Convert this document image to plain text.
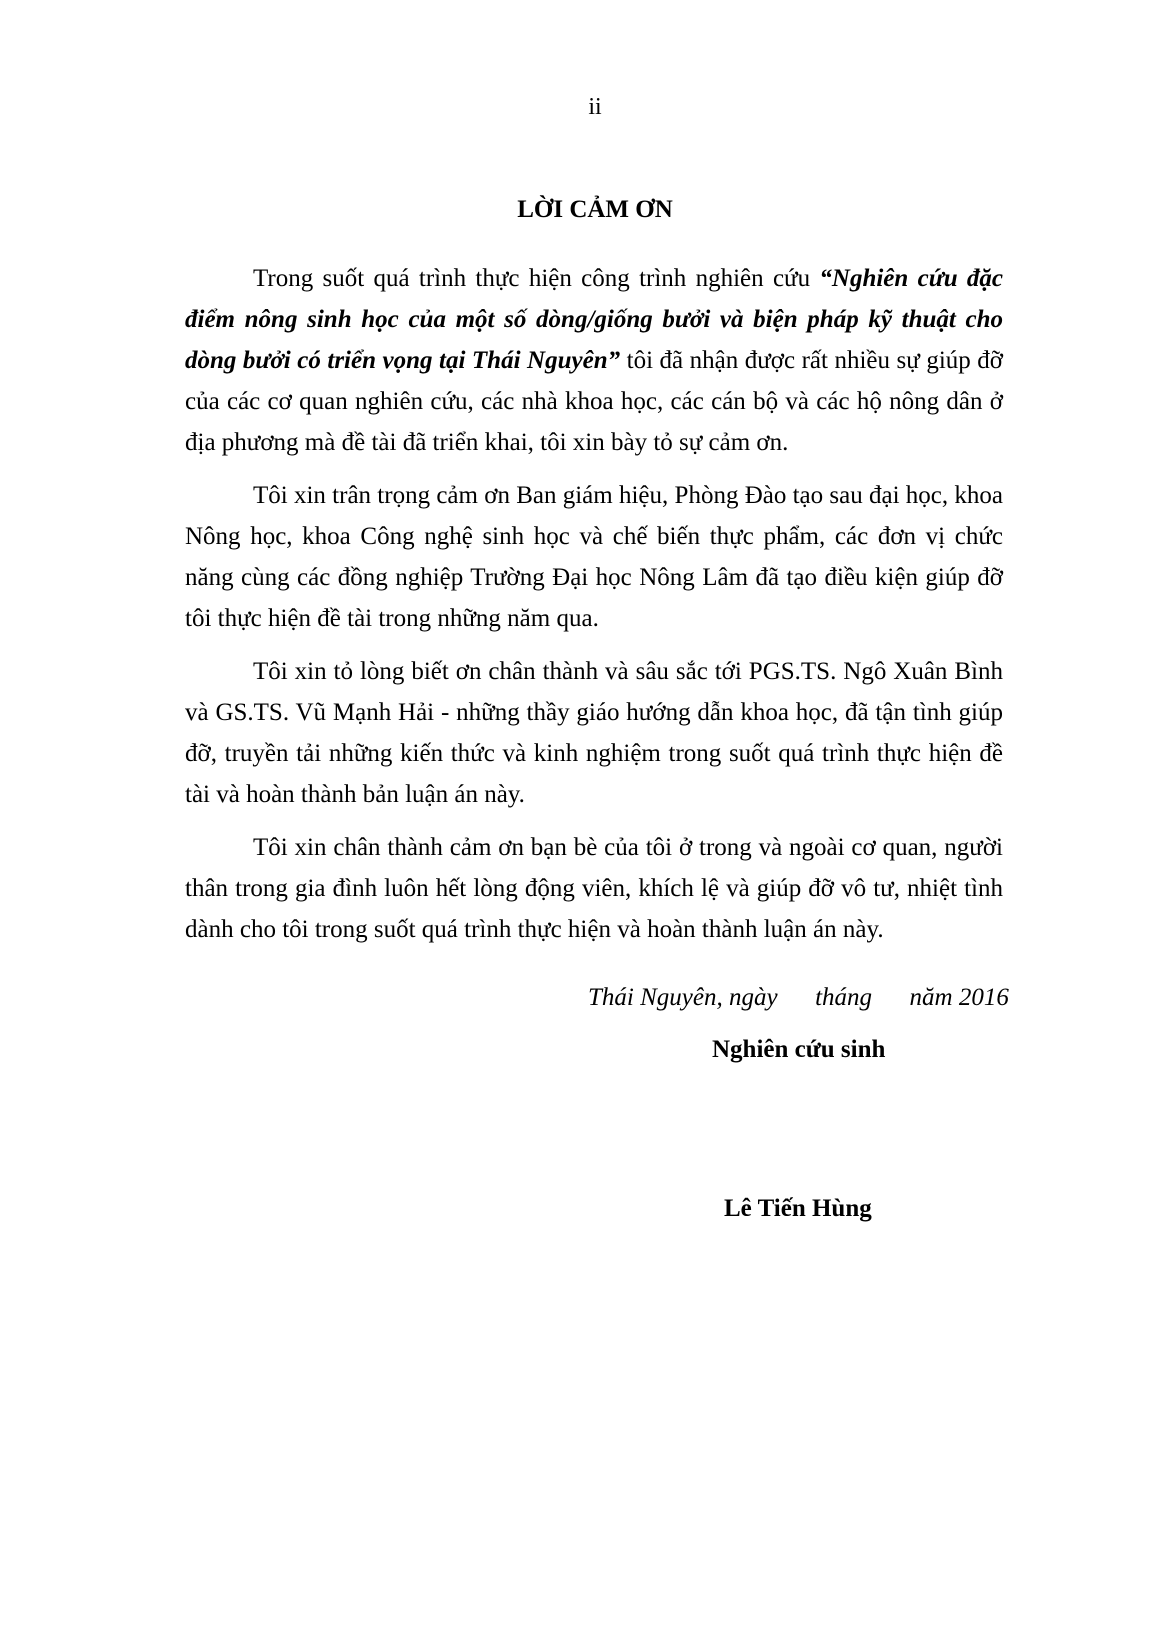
ii
LỜI CẢM ƠN

Trong suốt quá trình thực hiện công trình nghiên cứu “Nghiên cứu đặc điểm nông sinh học của một số dòng/giống bưởi và biện pháp kỹ thuật cho dòng bưởi có triển vọng tại Thái Nguyên” tôi đã nhận được rất nhiều sự giúp đỡ của các cơ quan nghiên cứu, các nhà khoa học, các cán bộ và các hộ nông dân ở địa phương mà đề tài đã triển khai, tôi xin bày tỏ sự cảm ơn.

Tôi xin trân trọng cảm ơn Ban giám hiệu, Phòng Đào tạo sau đại học, khoa Nông học, khoa Công nghệ sinh học và chế biến thực phẩm, các đơn vị chức năng cùng các đồng nghiệp Trường Đại học Nông Lâm đã tạo điều kiện giúp đỡ tôi thực hiện đề tài trong những năm qua.

Tôi xin tỏ lòng biết ơn chân thành và sâu sắc tới PGS.TS. Ngô Xuân Bình và GS.TS. Vũ Mạnh Hải - những thầy giáo hướng dẫn khoa học, đã tận tình giúp đỡ, truyền tải những kiến thức và kinh nghiệm trong suốt quá trình thực hiện đề tài và hoàn thành bản luận án này.

Tôi xin chân thành cảm ơn bạn bè của tôi ở trong và ngoài cơ quan, người thân trong gia đình luôn hết lòng động viên, khích lệ và giúp đỡ vô tư, nhiệt tình dành cho tôi trong suốt quá trình thực hiện và hoàn thành luận án này.

Thái Nguyên, ngày      tháng      năm 2016
Nghiên cứu sinh
Lê Tiến Hùng
